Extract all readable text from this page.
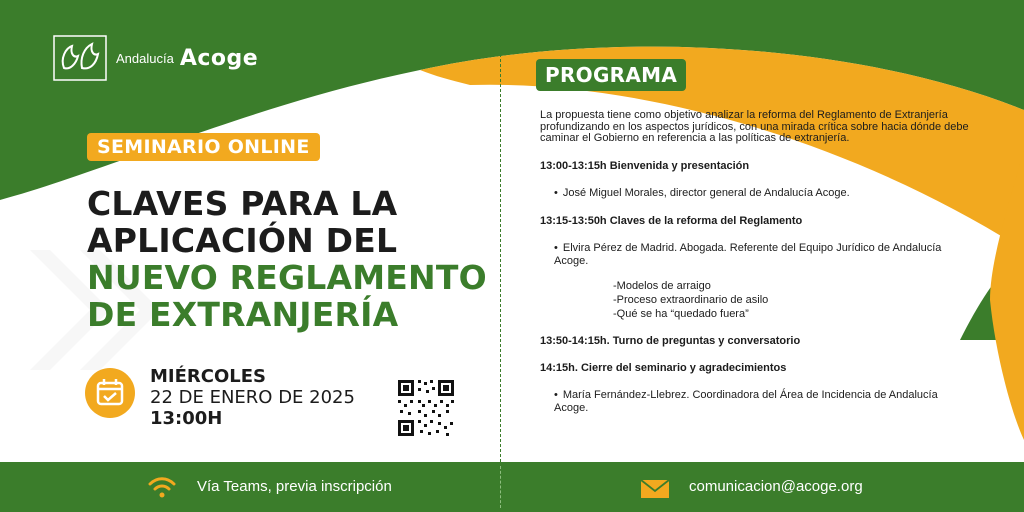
Andalucía Acoge
SEMINARIO ONLINE
CLAVES PARA LA
APLICACIÓN DEL
NUEVO REGLAMENTO
DE EXTRANJERÍA
MIÉRCOLES
22 DE ENERO DE 2025
13:00H
PROGRAMA

La propuesta tiene como objetivo analizar la reforma del Reglamento de Extranjería profundizando en los aspectos jurídicos, con una mirada crítica sobre hacia dónde debe caminar el Gobierno en referencia a las políticas de extranjería.

13:00-13:15h Bienvenida y presentación
• José Miguel Morales, director general de Andalucía Acoge.
13:15-13:50h Claves de la reforma del Reglamento
• Elvira Pérez de Madrid. Abogada. Referente del Equipo Jurídico de Andalucía Acoge.
-Modelos de arraigo
-Proceso extraordinario de asilo
-Qué se ha “quedado fuera”
13:50-14:15h. Turno de preguntas y conversatorio
14:15h. Cierre del seminario y agradecimientos
• María Fernández-Llebrez. Coordinadora del Área de Incidencia de Andalucía Acoge.
Vía Teams, previa inscripción	comunicacion@acoge.org
